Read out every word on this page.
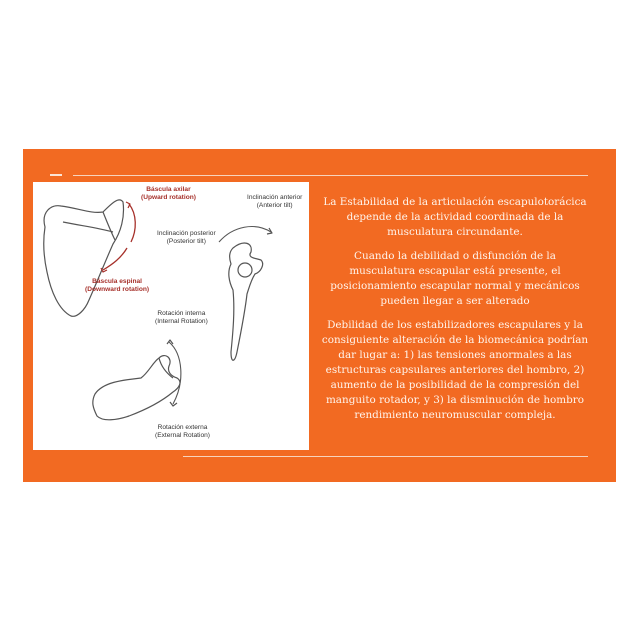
Báscula axilar
(Upward rotation)
Báscula espinal
(Downward rotation)
Inclinación anterior
(Anterior tilt)
Inclinación posterior
(Posterior tilt)
Rotación interna
(Internal Rotation)
Rotación externa
(External Rotation)

La Estabilidad de la articulación escapulotorácica depende de la actividad coordinada de la musculatura circundante.

Cuando la debilidad o disfunción de la musculatura escapular está presente, el posicionamiento escapular normal y mecánicos pueden llegar a ser alterado

Debilidad de los estabilizadores escapulares y la consiguiente alteración de la biomecánica podrían dar lugar a: 1) las tensiones anormales a las estructuras capsulares anteriores del hombro, 2) aumento de la posibilidad de la compresión del manguito rotador, y 3) la disminución de hombro rendimiento neuromuscular compleja.
